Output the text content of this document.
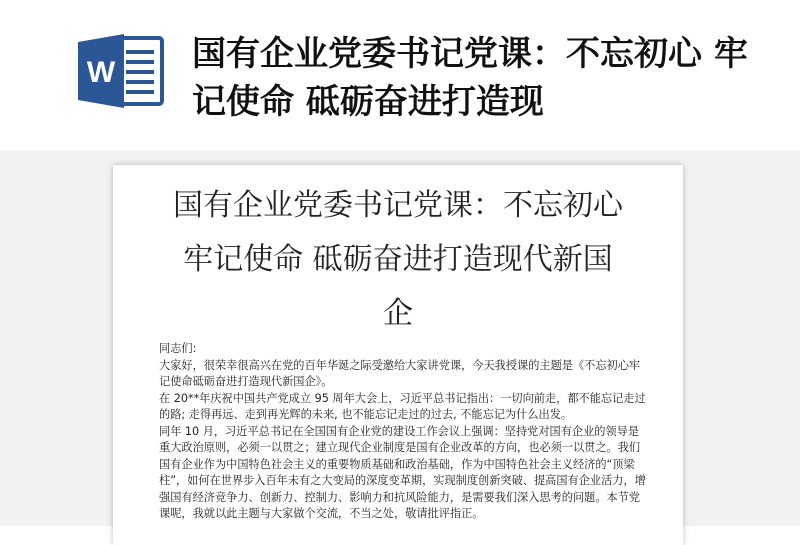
W 国有企业党委书记党课：不忘初心 牢记使命 砥砺奋进打造现
国有企业党委书记党课：不忘初心
牢记使命 砥砺奋进打造现代新国
企

同志们:

大家好，很荣幸很高兴在党的百年华诞之际受邀给大家讲党课，今天我授课的主题是《不忘初心牢记使命砥砺奋进打造现代新国企》。

在 20**年庆祝中国共产党成立 95 周年大会上，习近平总书记指出：一切向前走，都不能忘记走过的路; 走得再远、走到再光辉的未来, 也不能忘记走过的过去, 不能忘记为什么出发。

同年 10 月，习近平总书记在全国国有企业党的建设工作会议上强调：坚持党对国有企业的领导是重大政治原则，必须一以贯之；建立现代企业制度是国有企业改革的方向，也必须一以贯之。我们国有企业作为中国特色社会主义的重要物质基础和政治基础，作为中国特色社会主义经济的“顶梁柱”，如何在世界步入百年未有之大变局的深度变革期，实现制度创新突破、提高国有企业活力，增强国有经济竞争力、创新力、控制力、影响力和抗风险能力，是需要我们深入思考的问题。本节党课呢，我就以此主题与大家做个交流，不当之处，敬请批评指正。
